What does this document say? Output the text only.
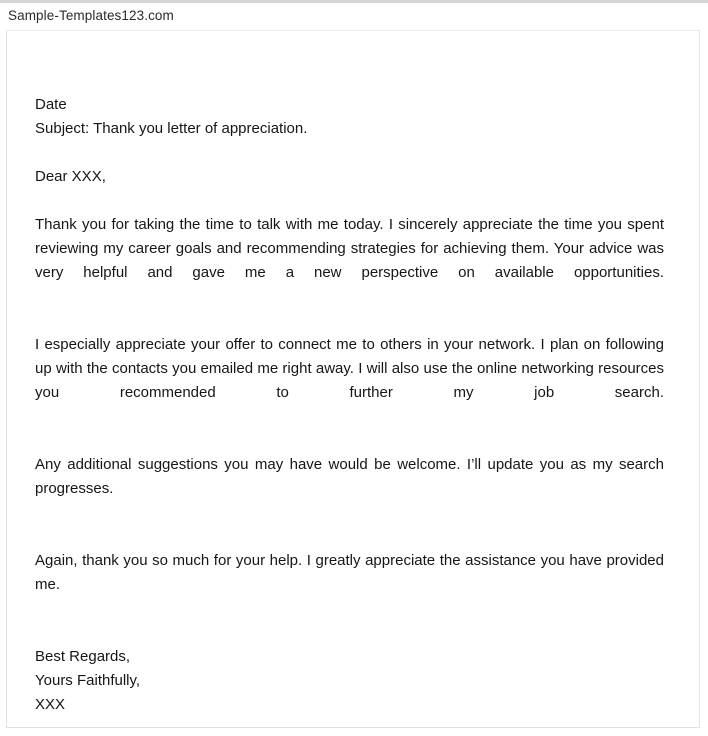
Sample-Templates123.com
Date
Subject: Thank you letter of appreciation.
Dear XXX,

Thank you for taking the time to talk with me today. I sincerely appreciate the time you spent reviewing my career goals and recommending strategies for achieving them. Your advice was very helpful and gave me a new perspective on available opportunities.

I especially appreciate your offer to connect me to others in your network. I plan on following up with the contacts you emailed me right away. I will also use the online networking resources you recommended to further my job search.

Any additional suggestions you may have would be welcome. I’ll update you as my search progresses.

Again, thank you so much for your help. I greatly appreciate the assistance you have provided me.

Best Regards,
Yours Faithfully,
XXX
